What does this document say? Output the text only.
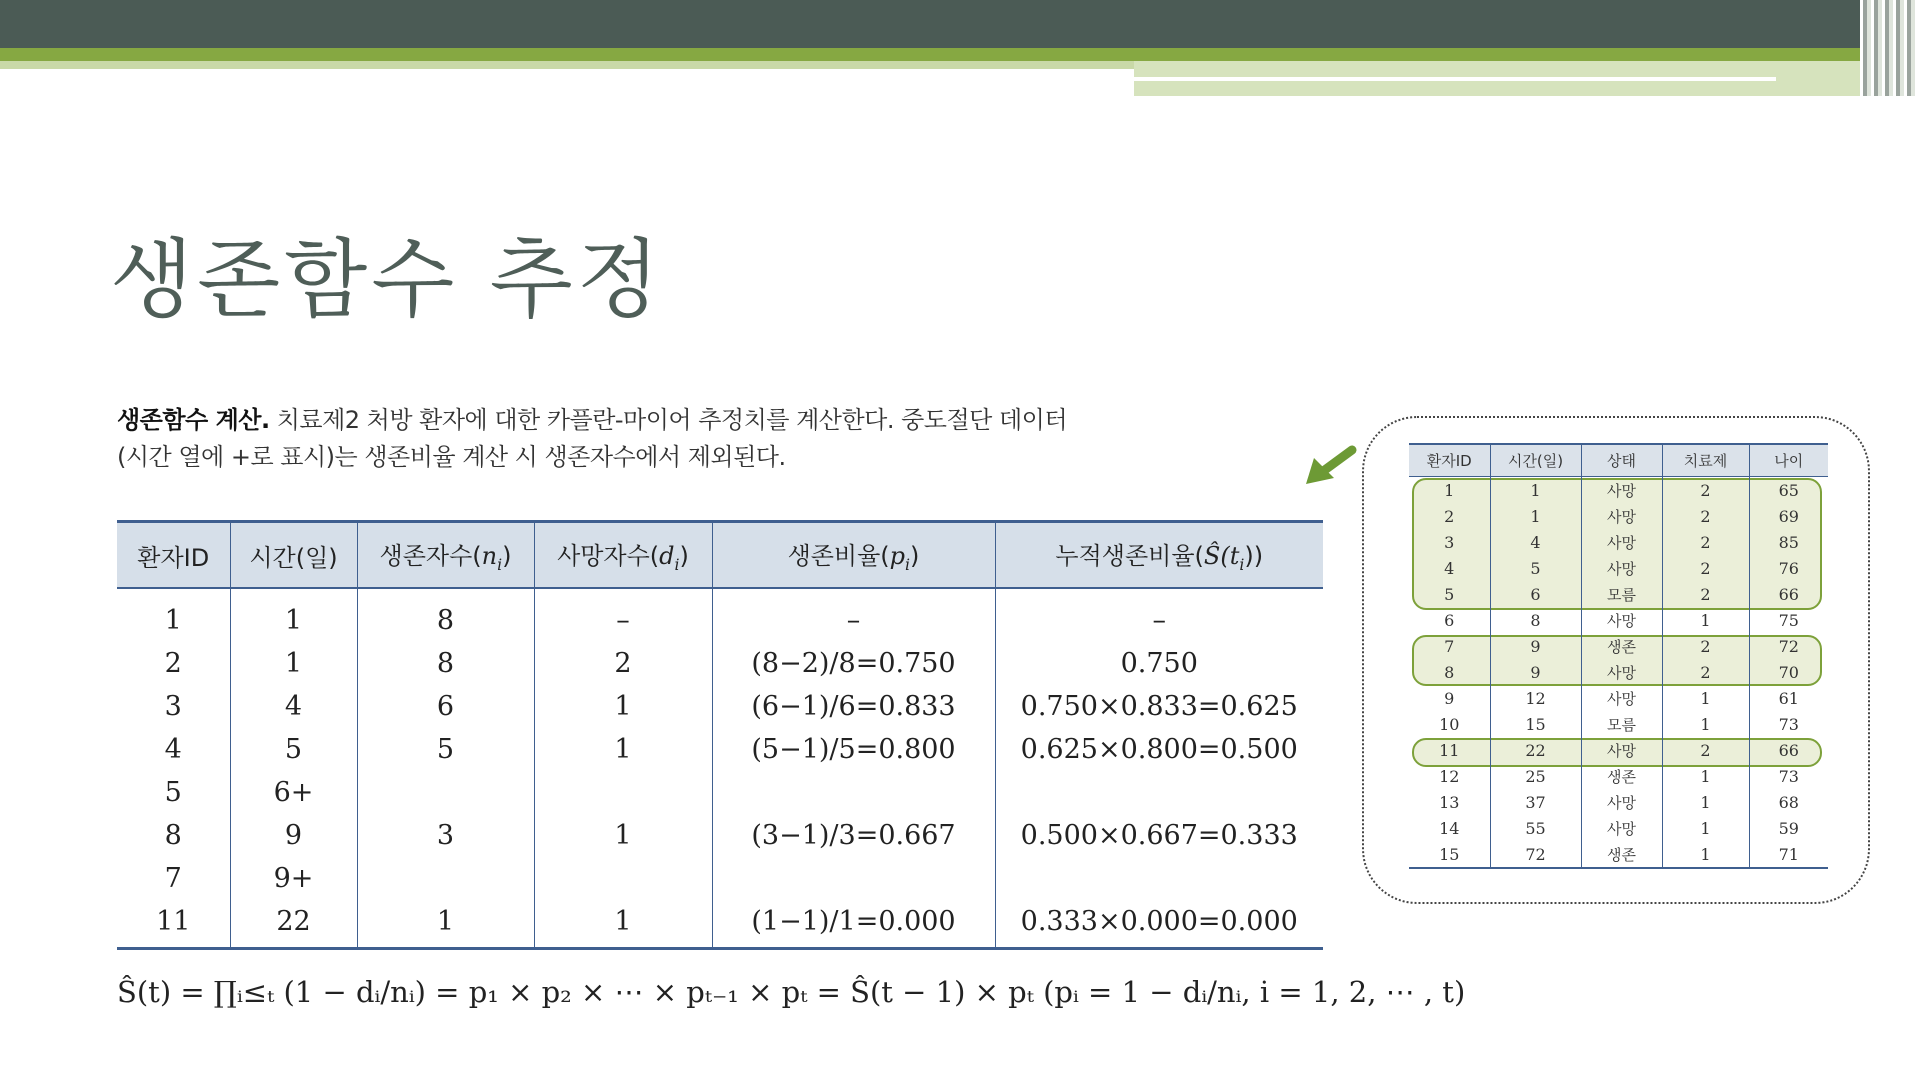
생존함수 추정
생존함수 계산. 치료제2 처방 환자에 대한 카플란-마이어 추정치를 계산한다. 중도절단 데이터
(시간 열에 +로 표시)는 생존비율 계산 시 생존자수에서 제외된다.
환자ID	시간(일)	생존자수$(n_i)$	사망자수$(d_i)$	생존비율$(p_i)$	누적생존비율$(Ŝ(t_i))$
1	1	8	–	–	–
2	1	8	2	(8−2)/8=0.750	0.750
3	4	6	1	(6−1)/6=0.833	0.750×0.833=0.625
4	5	5	1	(5−1)/5=0.800	0.625×0.800=0.500
5	6+				
8	9	3	1	(3−1)/3=0.667	0.500×0.667=0.333
7	9+				
11	22	1	1	(1−1)/1=0.000	0.333×0.000=0.000
Ŝ(t) = ∏ᵢ≤ₜ (1 − dᵢ/nᵢ) = p₁ × p₂ × ⋯ × pₜ₋₁ × pₜ = Ŝ(t − 1) × pₜ (pᵢ = 1 − dᵢ/nᵢ, i = 1, 2, ⋯ , t)
환자ID	시간(일)	상태	치료제	나이
1	1	사망	2	65
2	1	사망	2	69
3	4	사망	2	85
4	5	사망	2	76
5	6	모름	2	66
6	8	사망	1	75
7	9	생존	2	72
8	9	사망	2	70
9	12	사망	1	61
10	15	모름	1	73
11	22	사망	2	66
12	25	생존	1	73
13	37	사망	1	68
14	55	사망	1	59
15	72	생존	1	71
